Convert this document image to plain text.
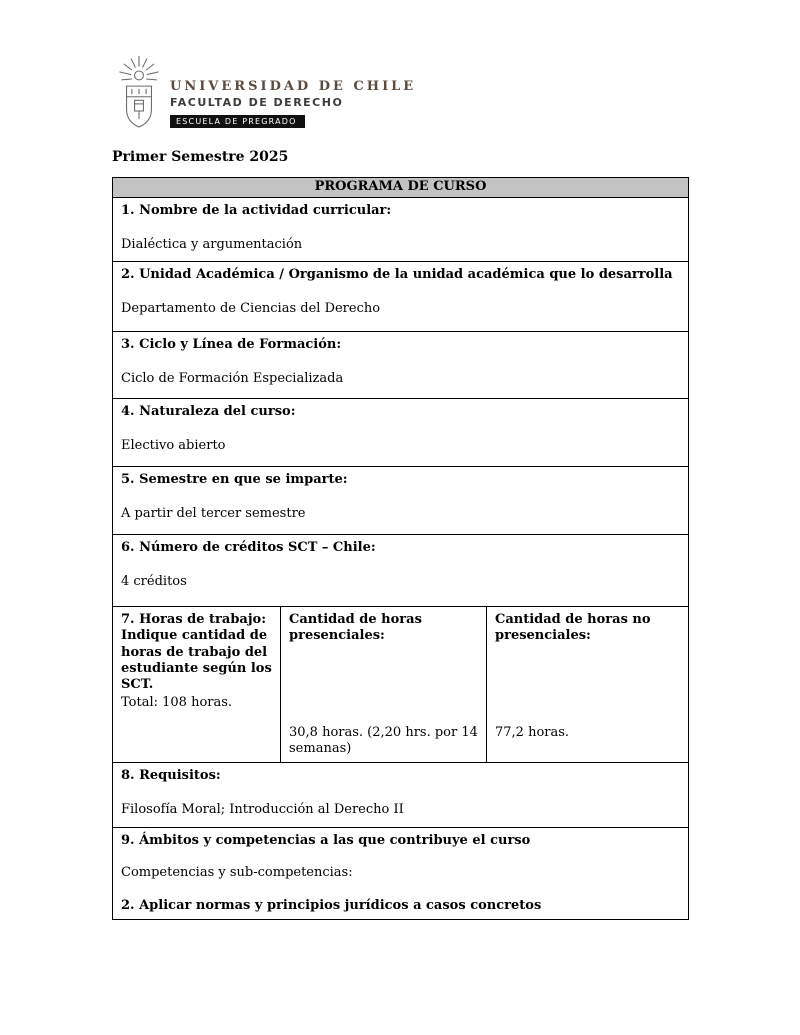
UNIVERSIDAD DE CHILE
FACULTAD DE DERECHO
ESCUELA DE PREGRADO

Primer Semestre 2025

PROGRAMA DE CURSO

1. Nombre de la actividad curricular:
Dialéctica y argumentación

2. Unidad Académica / Organismo de la unidad académica que lo desarrolla
Departamento de Ciencias del Derecho

3. Ciclo y Línea de Formación:
Ciclo de Formación Especializada

4. Naturaleza del curso:
Electivo abierto

5. Semestre en que se imparte:
A partir del tercer semestre

6. Número de créditos SCT – Chile:
4 créditos

7. Horas de trabajo: Indique cantidad de horas de trabajo del estudiante según los SCT.
Total: 108 horas.

Cantidad de horas presenciales:
30,8 horas. (2,20 hrs. por 14 semanas)

Cantidad de horas no presenciales:
77,2 horas.

8. Requisitos:
Filosofía Moral; Introducción al Derecho II

9. Ámbitos y competencias a las que contribuye el curso
Competencias y sub-competencias:
2. Aplicar normas y principios jurídicos a casos concretos
